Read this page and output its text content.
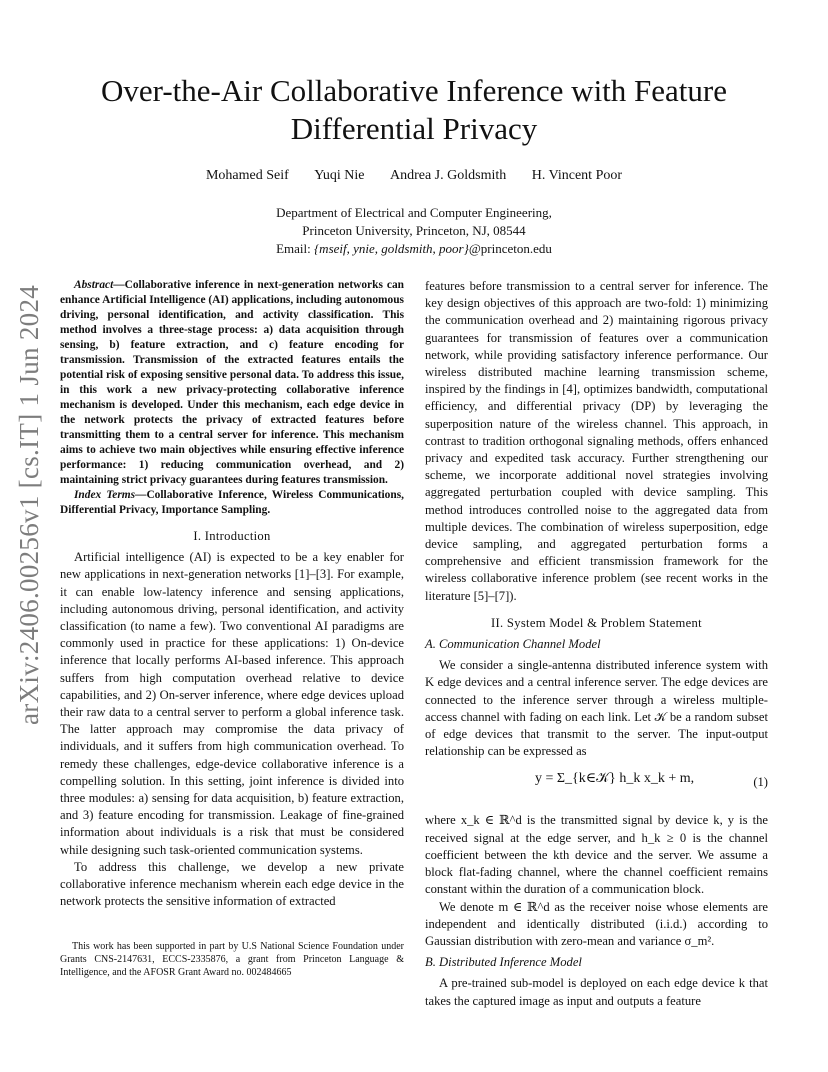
Over-the-Air Collaborative Inference with Feature Differential Privacy
Mohamed Seif Yuqi Nie Andrea J. Goldsmith H. Vincent Poor
Department of Electrical and Computer Engineering,
Princeton University, Princeton, NJ, 08544
Email: {mseif, ynie, goldsmith, poor}@princeton.edu
arXiv:2406.00256v1 [cs.IT] 1 Jun 2024	Abstract—Collaborative inference in next-generation networks can enhance Artificial Intelligence (AI) applications, including autonomous driving, personal identification, and activity classification. This method involves a three-stage process: a) data acquisition through sensing, b) feature extraction, and c) feature encoding for transmission. Transmission of the extracted features entails the potential risk of exposing sensitive personal data. To address this issue, in this work a new privacy-protecting collaborative inference mechanism is developed. Under this mechanism, each edge device in the network protects the privacy of extracted features before transmitting them to a central server for inference. This mechanism aims to achieve two main objectives while ensuring effective inference performance: 1) reducing communication overhead, and 2) maintaining strict privacy guarantees during features transmission.

Index Terms—Collaborative Inference, Wireless Communications, Differential Privacy, Importance Sampling.

I. Introduction

Artificial intelligence (AI) is expected to be a key enabler for new applications in next-generation networks [1]–[3]. For example, it can enable low-latency inference and sensing applications, including autonomous driving, personal identification, and activity classification (to name a few). Two conventional AI paradigms are commonly used in practice for these applications: 1) On-device inference that locally performs AI-based inference. This approach suffers from high computation overhead relative to device capabilities, and 2) On-server inference, where edge devices upload their raw data to a central server to perform a global inference task. The latter approach may compromise the data privacy of individuals, and it suffers from high communication overhead. To remedy these challenges, edge-device collaborative inference is a compelling solution. In this setting, joint inference is divided into three modules: a) sensing for data acquisition, b) feature extraction, and 3) feature encoding for transmission. Leakage of fine-grained information about individuals is a risk that must be considered while designing such task-oriented communication systems.

To address this challenge, we develop a new private collaborative inference mechanism wherein each edge device in the network protects the sensitive information of extracted

features before transmission to a central server for inference. The key design objectives of this approach are two-fold: 1) minimizing the communication overhead and 2) maintaining rigorous privacy guarantees for transmission of features over a communication network, while providing satisfactory inference performance. Our wireless distributed machine learning transmission scheme, inspired by the findings in [4], optimizes bandwidth, computational efficiency, and differential privacy (DP) by leveraging the superposition nature of the wireless channel. This approach, in contrast to tradition orthogonal signaling methods, offers enhanced privacy and expedited task accuracy. Further strengthening our scheme, we incorporate additional novel strategies involving aggregated perturbation coupled with device sampling. This method introduces controlled noise to the aggregated data from multiple devices. The combination of wireless superposition, edge device sampling, and aggregated perturbation forms a comprehensive and efficient transmission framework for the wireless collaborative inference problem (see recent works in the literature [5]–[7]).

II. System Model & Problem Statement
A. Communication Channel Model

We consider a single-antenna distributed inference system with K edge devices and a central inference server. The edge devices are connected to the inference server through a wireless multiple-access channel with fading on each link. Let 𝒦 be a random subset of edge devices that transmit to the server. The input-output relationship can be expressed as

y = Σ_{k∈𝒦} h_k x_k + m,	(1)

where x_k ∈ ℝ^d is the transmitted signal by device k, y is the received signal at the edge server, and h_k ≥ 0 is the channel coefficient between the kth device and the server. We assume a block flat-fading channel, where the channel coefficient remains constant within the duration of a communication block.

We denote m ∈ ℝ^d as the receiver noise whose elements are independent and identically distributed (i.i.d.) according to Gaussian distribution with zero-mean and variance σ_m².

B. Distributed Inference Model

A pre-trained sub-model is deployed on each edge device k that takes the captured image as input and outputs a feature

This work has been supported in part by U.S National Science Foundation under Grants CNS-2147631, ECCS-2335876, a grant from Princeton Language & Intelligence, and the AFOSR Grant Award no. 002484665
